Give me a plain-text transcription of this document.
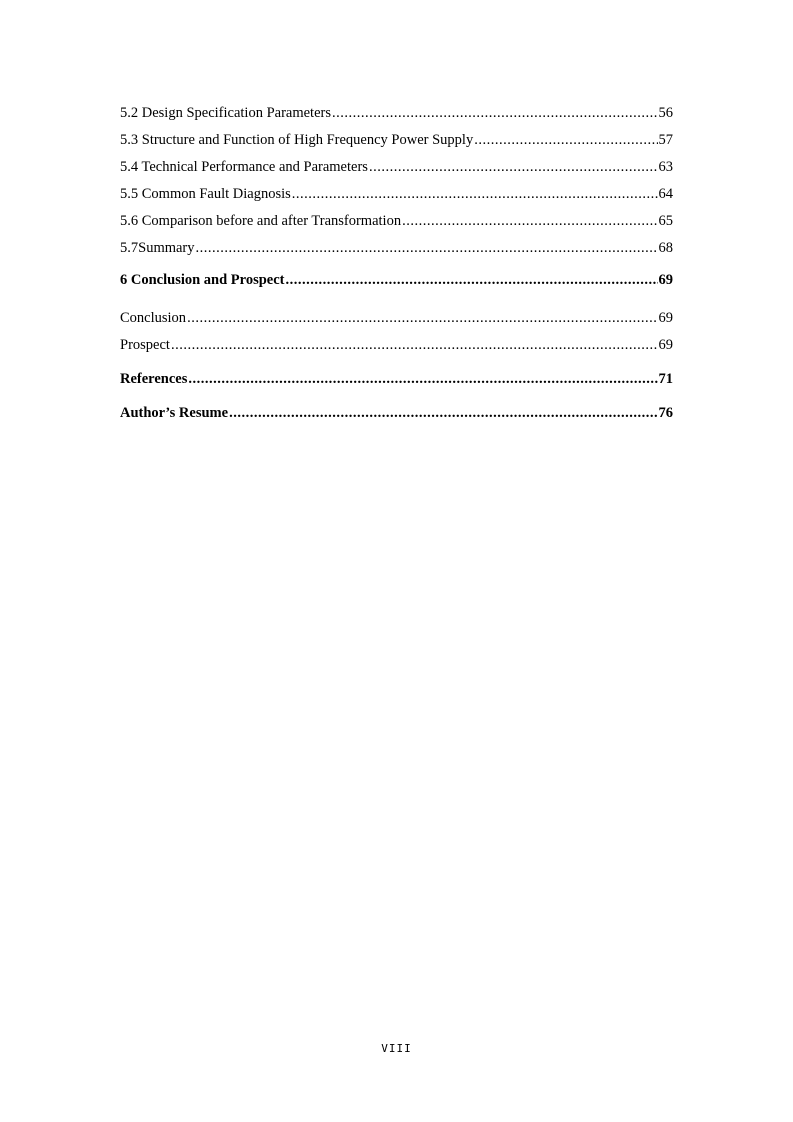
5.2 Design Specification Parameters .....	56
5.3 Structure and Function of High Frequency Power Supply .....	57
5.4 Technical Performance and Parameters .....	63
5.5 Common Fault Diagnosis .....	64
5.6 Comparison before and after Transformation .....	65
5.7Summary .....	68
6 Conclusion and Prospect .....	69
Conclusion .....	69
Prospect .....	69
References .....	71
Author’s Resume .....	76
VIII
